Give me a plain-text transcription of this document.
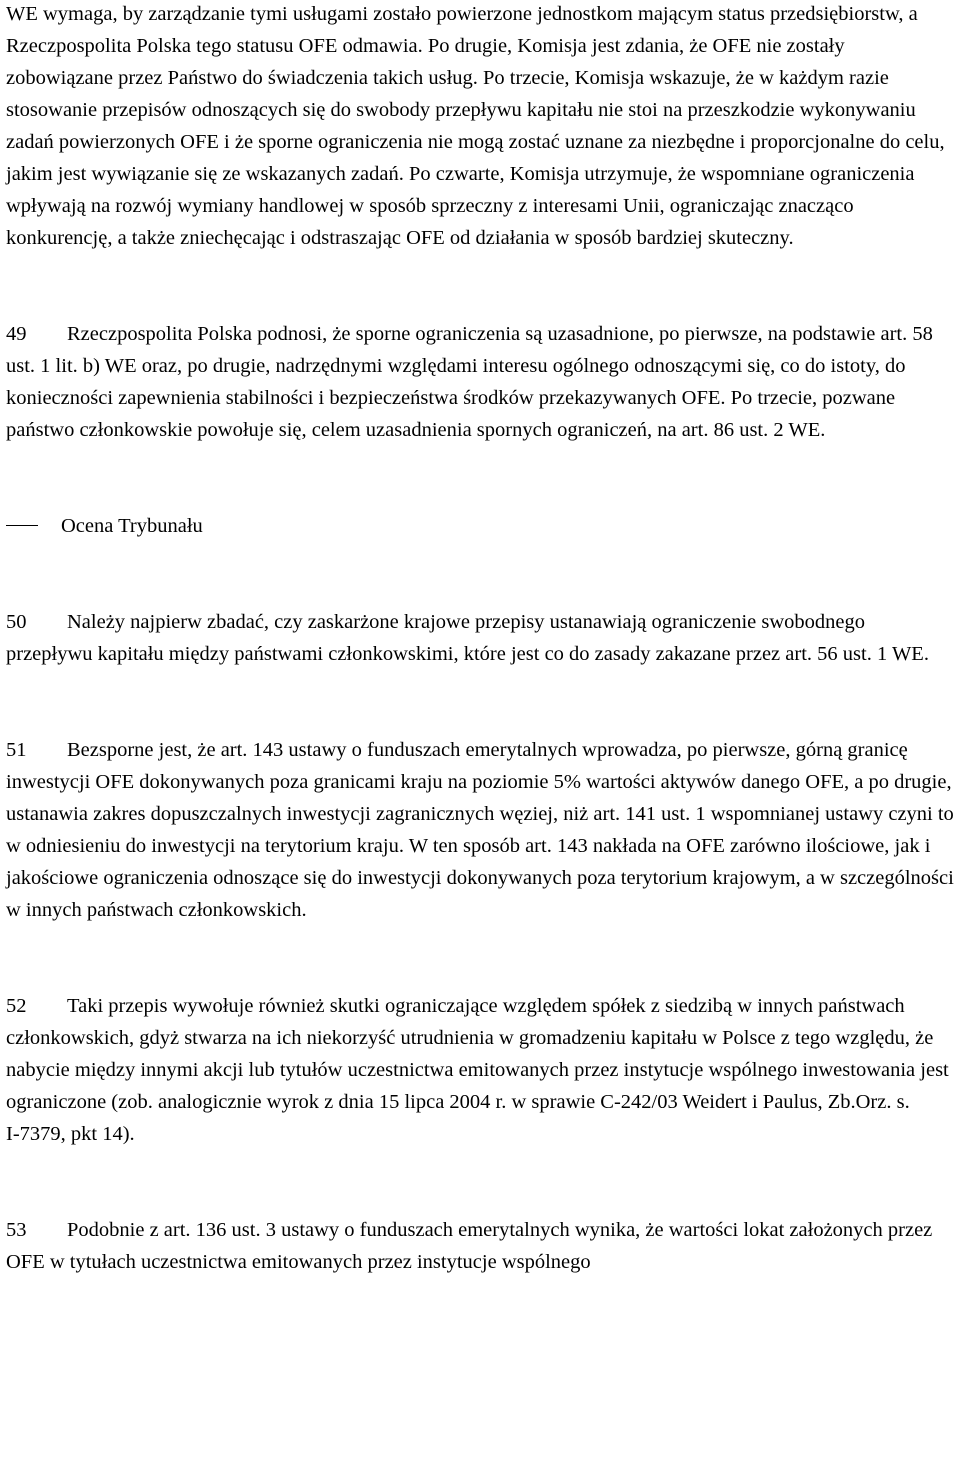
WE wymaga, by zarządzanie tymi usługami zostało powierzone jednostkom mającym status przedsiębiorstw, a Rzeczpospolita Polska tego statusu OFE odmawia. Po drugie, Komisja jest zdania, że OFE nie zostały zobowiązane przez Państwo do świadczenia takich usług. Po trzecie, Komisja wskazuje, że w każdym razie stosowanie przepisów odnoszących się do swobody przepływu kapitału nie stoi na przeszkodzie wykonywaniu zadań powierzonych OFE i że sporne ograniczenia nie mogą zostać uznane za niezbędne i proporcjonalne do celu, jakim jest wywiązanie się ze wskazanych zadań. Po czwarte, Komisja utrzymuje, że wspomniane ograniczenia wpływają na rozwój wymiany handlowej w sposób sprzeczny z interesami Unii, ograniczając znacząco konkurencję, a także zniechęcając i odstraszając OFE od działania w sposób bardziej skuteczny.

49 Rzeczpospolita Polska podnosi, że sporne ograniczenia są uzasadnione, po pierwsze, na podstawie art. 58 ust. 1 lit. b) WE oraz, po drugie, nadrzędnymi względami interesu ogólnego odnoszącymi się, co do istoty, do konieczności zapewnienia stabilności i bezpieczeństwa środków przekazywanych OFE. Po trzecie, pozwane państwo członkowskie powołuje się, celem uzasadnienia spornych ograniczeń, na art. 86 ust. 2 WE.

Ocena Trybunału

50 Należy najpierw zbadać, czy zaskarżone krajowe przepisy ustanawiają ograniczenie swobodnego przepływu kapitału między państwami członkowskimi, które jest co do zasady zakazane przez art. 56 ust. 1 WE.

51 Bezsporne jest, że art. 143 ustawy o funduszach emerytalnych wprowadza, po pierwsze, górną granicę inwestycji OFE dokonywanych poza granicami kraju na poziomie 5% wartości aktywów danego OFE, a po drugie, ustanawia zakres dopuszczalnych inwestycji zagranicznych węziej, niż art. 141 ust. 1 wspomnianej ustawy czyni to w odniesieniu do inwestycji na terytorium kraju. W ten sposób art. 143 nakłada na OFE zarówno ilościowe, jak i jakościowe ograniczenia odnoszące się do inwestycji dokonywanych poza terytorium krajowym, a w szczególności w innych państwach członkowskich.

52 Taki przepis wywołuje również skutki ograniczające względem spółek z siedzibą w innych państwach członkowskich, gdyż stwarza na ich niekorzyść utrudnienia w gromadzeniu kapitału w Polsce z tego względu, że nabycie między innymi akcji lub tytułów uczestnictwa emitowanych przez instytucje wspólnego inwestowania jest ograniczone (zob. analogicznie wyrok z dnia 15 lipca 2004 r. w sprawie C‑242/03 Weidert i Paulus, Zb.Orz. s. I‑7379, pkt 14).

53 Podobnie z art. 136 ust. 3 ustawy o funduszach emerytalnych wynika, że wartości lokat założonych przez OFE w tytułach uczestnictwa emitowanych przez instytucje wspólnego
